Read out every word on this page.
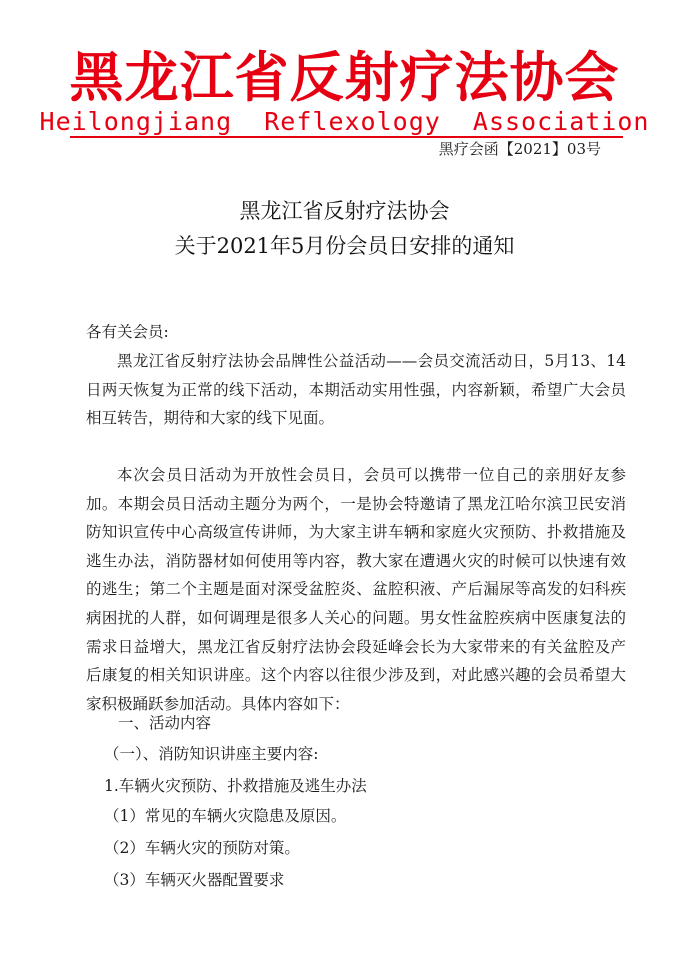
黑龙江省反射疗法协会
Heilongjiang  Reflexology  Association
黑疗会函【2021】03号
黑龙江省反射疗法协会
关于2021年5月份会员日安排的通知
各有关会员:

黑龙江省反射疗法协会品牌性公益活动——会员交流活动日，5月13、14日两天恢复为正常的线下活动，本期活动实用性强，内容新颖，希望广大会员相互转告，期待和大家的线下见面。

本次会员日活动为开放性会员日，会员可以携带一位自己的亲朋好友参加。本期会员日活动主题分为两个，一是协会特邀请了黑龙江哈尔滨卫民安消防知识宣传中心高级宣传讲师，为大家主讲车辆和家庭火灾预防、扑救措施及逃生办法，消防器材如何使用等内容，教大家在遭遇火灾的时候可以快速有效的逃生；第二个主题是面对深受盆腔炎、盆腔积液、产后漏尿等高发的妇科疾病困扰的人群，如何调理是很多人关心的问题。男女性盆腔疾病中医康复法的需求日益增大，黑龙江省反射疗法协会段延峰会长为大家带来的有关盆腔及产后康复的相关知识讲座。这个内容以往很少涉及到，对此感兴趣的会员希望大家积极踊跃参加活动。具体内容如下：

一、活动内容
（一）、消防知识讲座主要内容:
1.车辆火灾预防、扑救措施及逃生办法
（1）常见的车辆火灾隐患及原因。
（2）车辆火灾的预防对策。
（3）车辆灭火器配置要求
